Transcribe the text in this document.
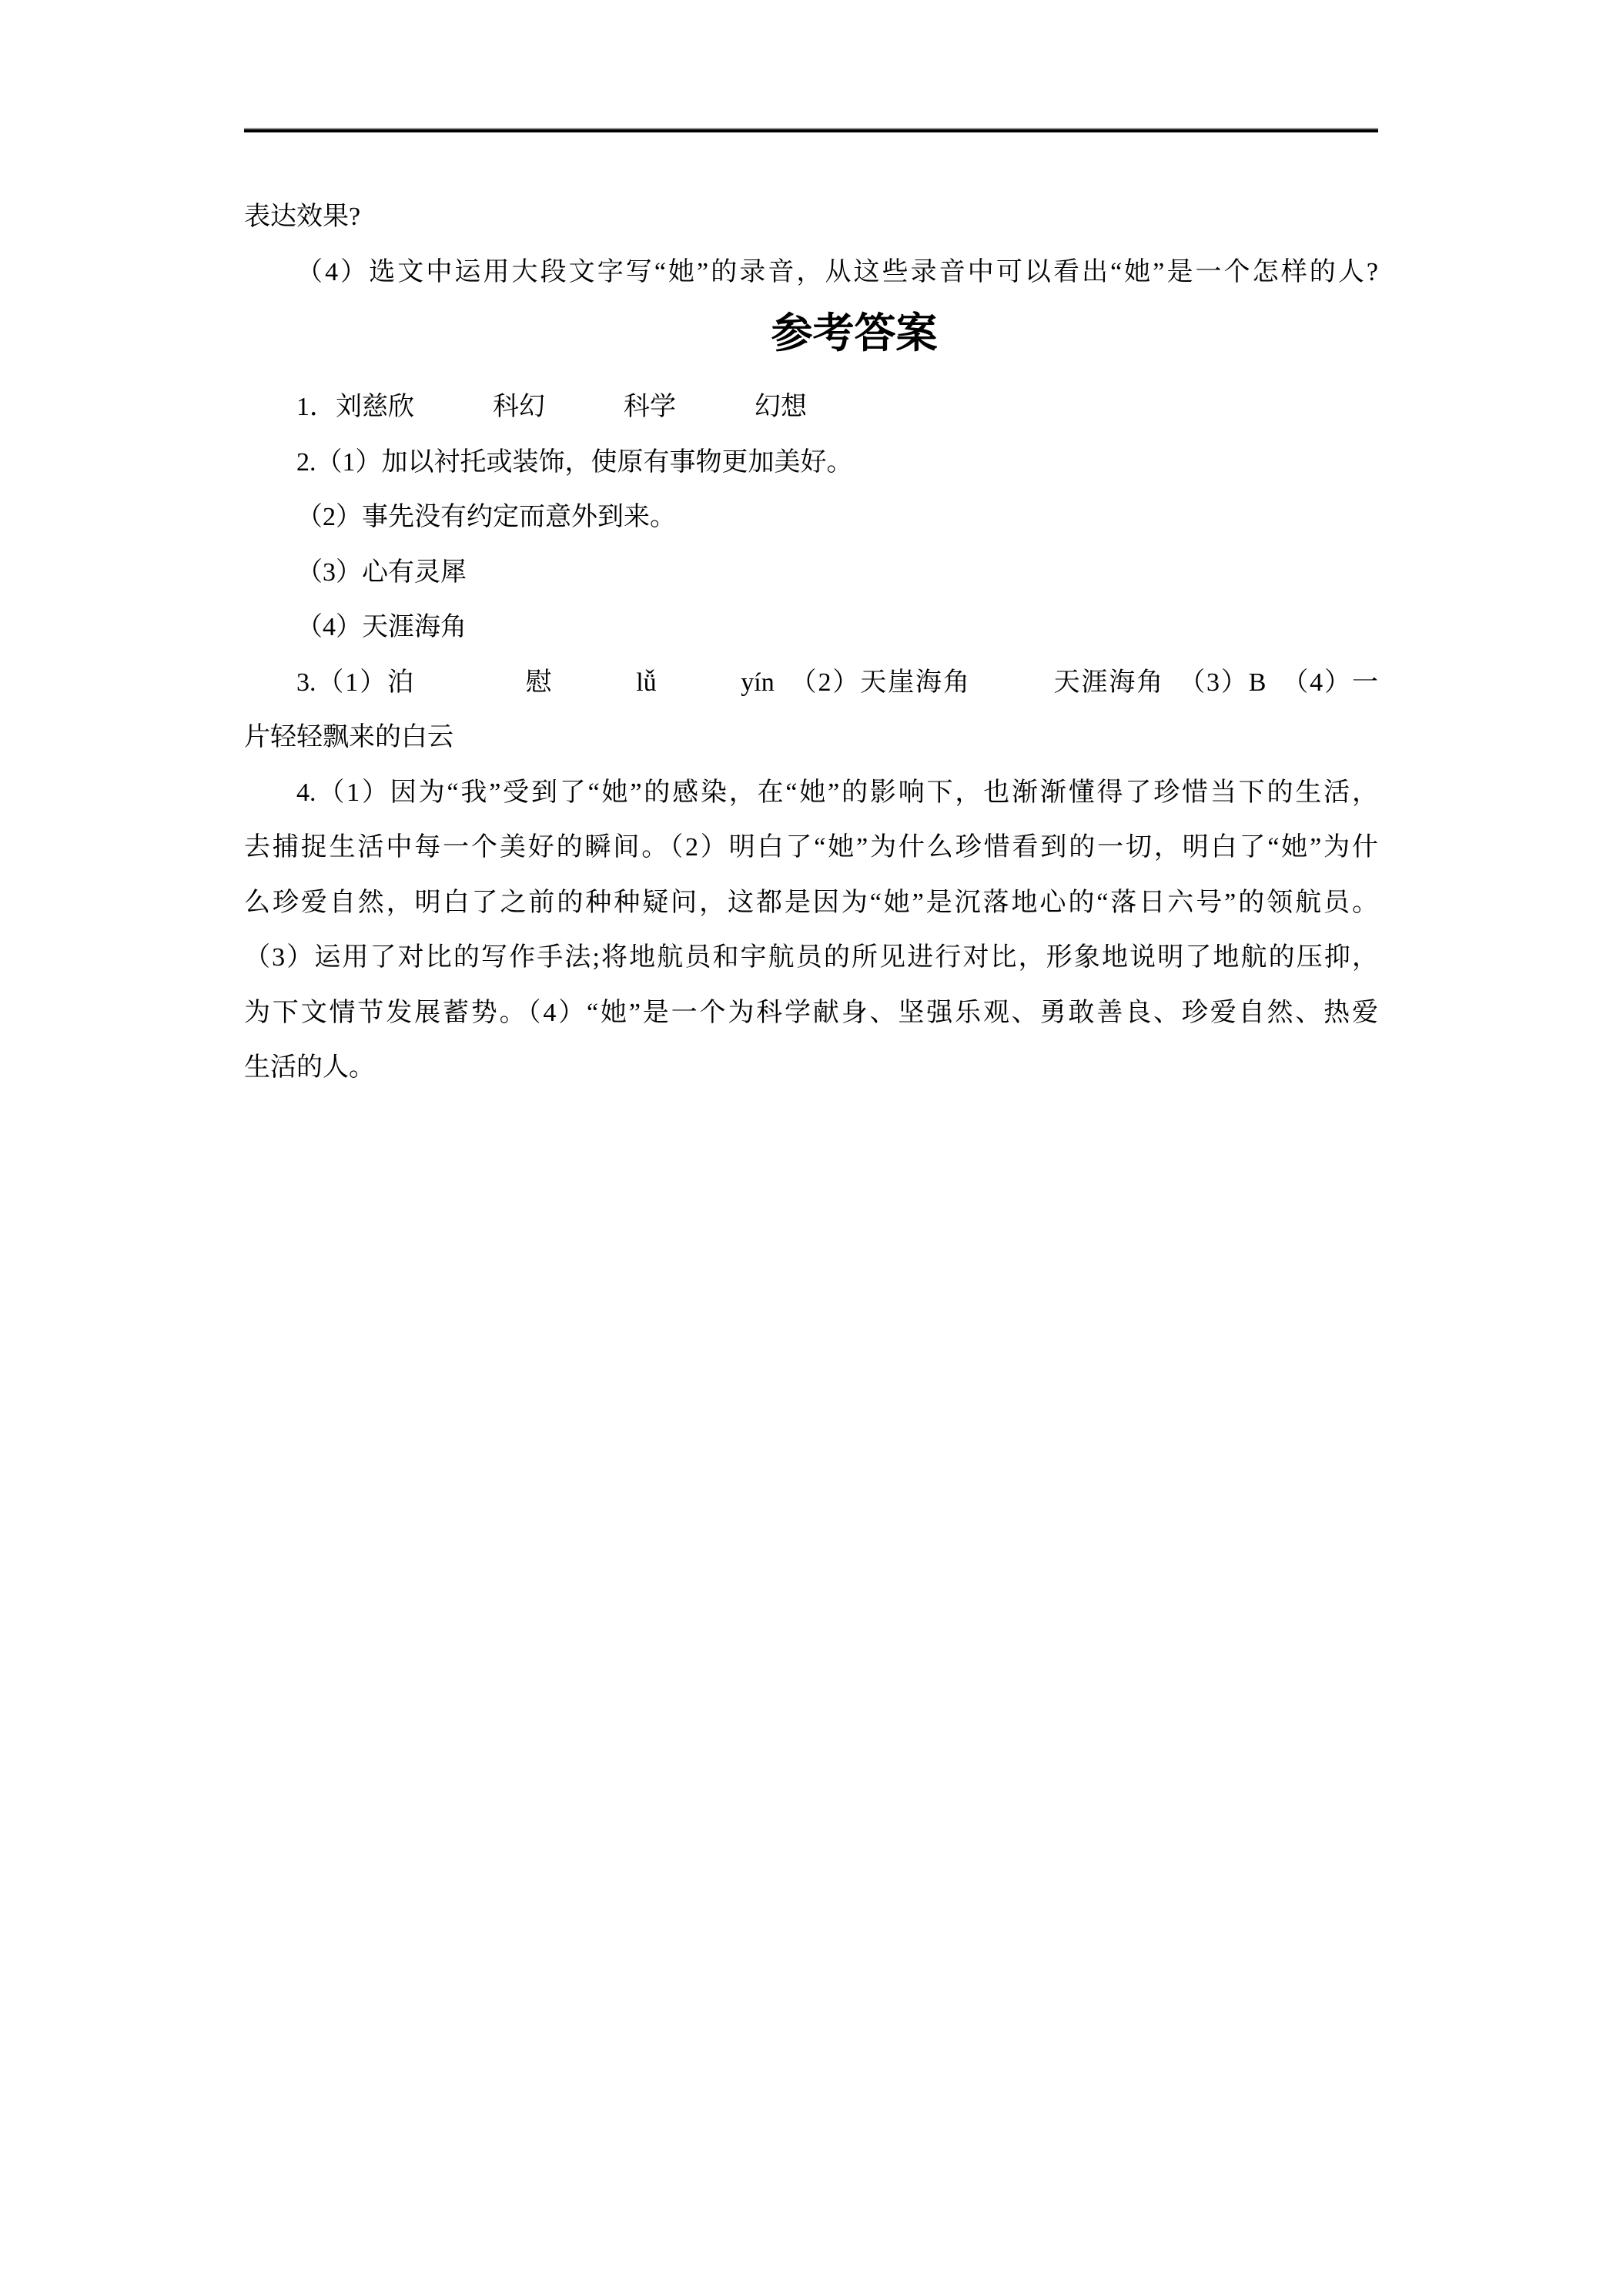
表达效果?
（4）选文中运用大段文字写“她”的录音，从这些录音中可以看出“她”是一个怎样的人?
参考答案
1．刘慈欣　　　科幻　　　科学　　　幻想
2.（1）加以衬托或装饰，使原有事物更加美好。
（2）事先没有约定而意外到来。
（3）心有灵犀
（4）天涯海角
3.（1）泊　　　　慰　　　lǚ　　　yín　（2）天崖海角　　　天涯海角　（3）B　（4）一
片轻轻飘来的白云
4.（1）因为“我”受到了“她”的感染，在“她”的影响下，也渐渐懂得了珍惜当下的生活，
去捕捉生活中每一个美好的瞬间。（2）明白了“她”为什么珍惜看到的一切，明白了“她”为什
么珍爱自然，明白了之前的种种疑问，这都是因为“她”是沉落地心的“落日六号”的领航员。
（3）运用了对比的写作手法;将地航员和宇航员的所见进行对比，形象地说明了地航的压抑，
为下文情节发展蓄势。（4）“她”是一个为科学献身、坚强乐观、勇敢善良、珍爱自然、热爱
生活的人。
